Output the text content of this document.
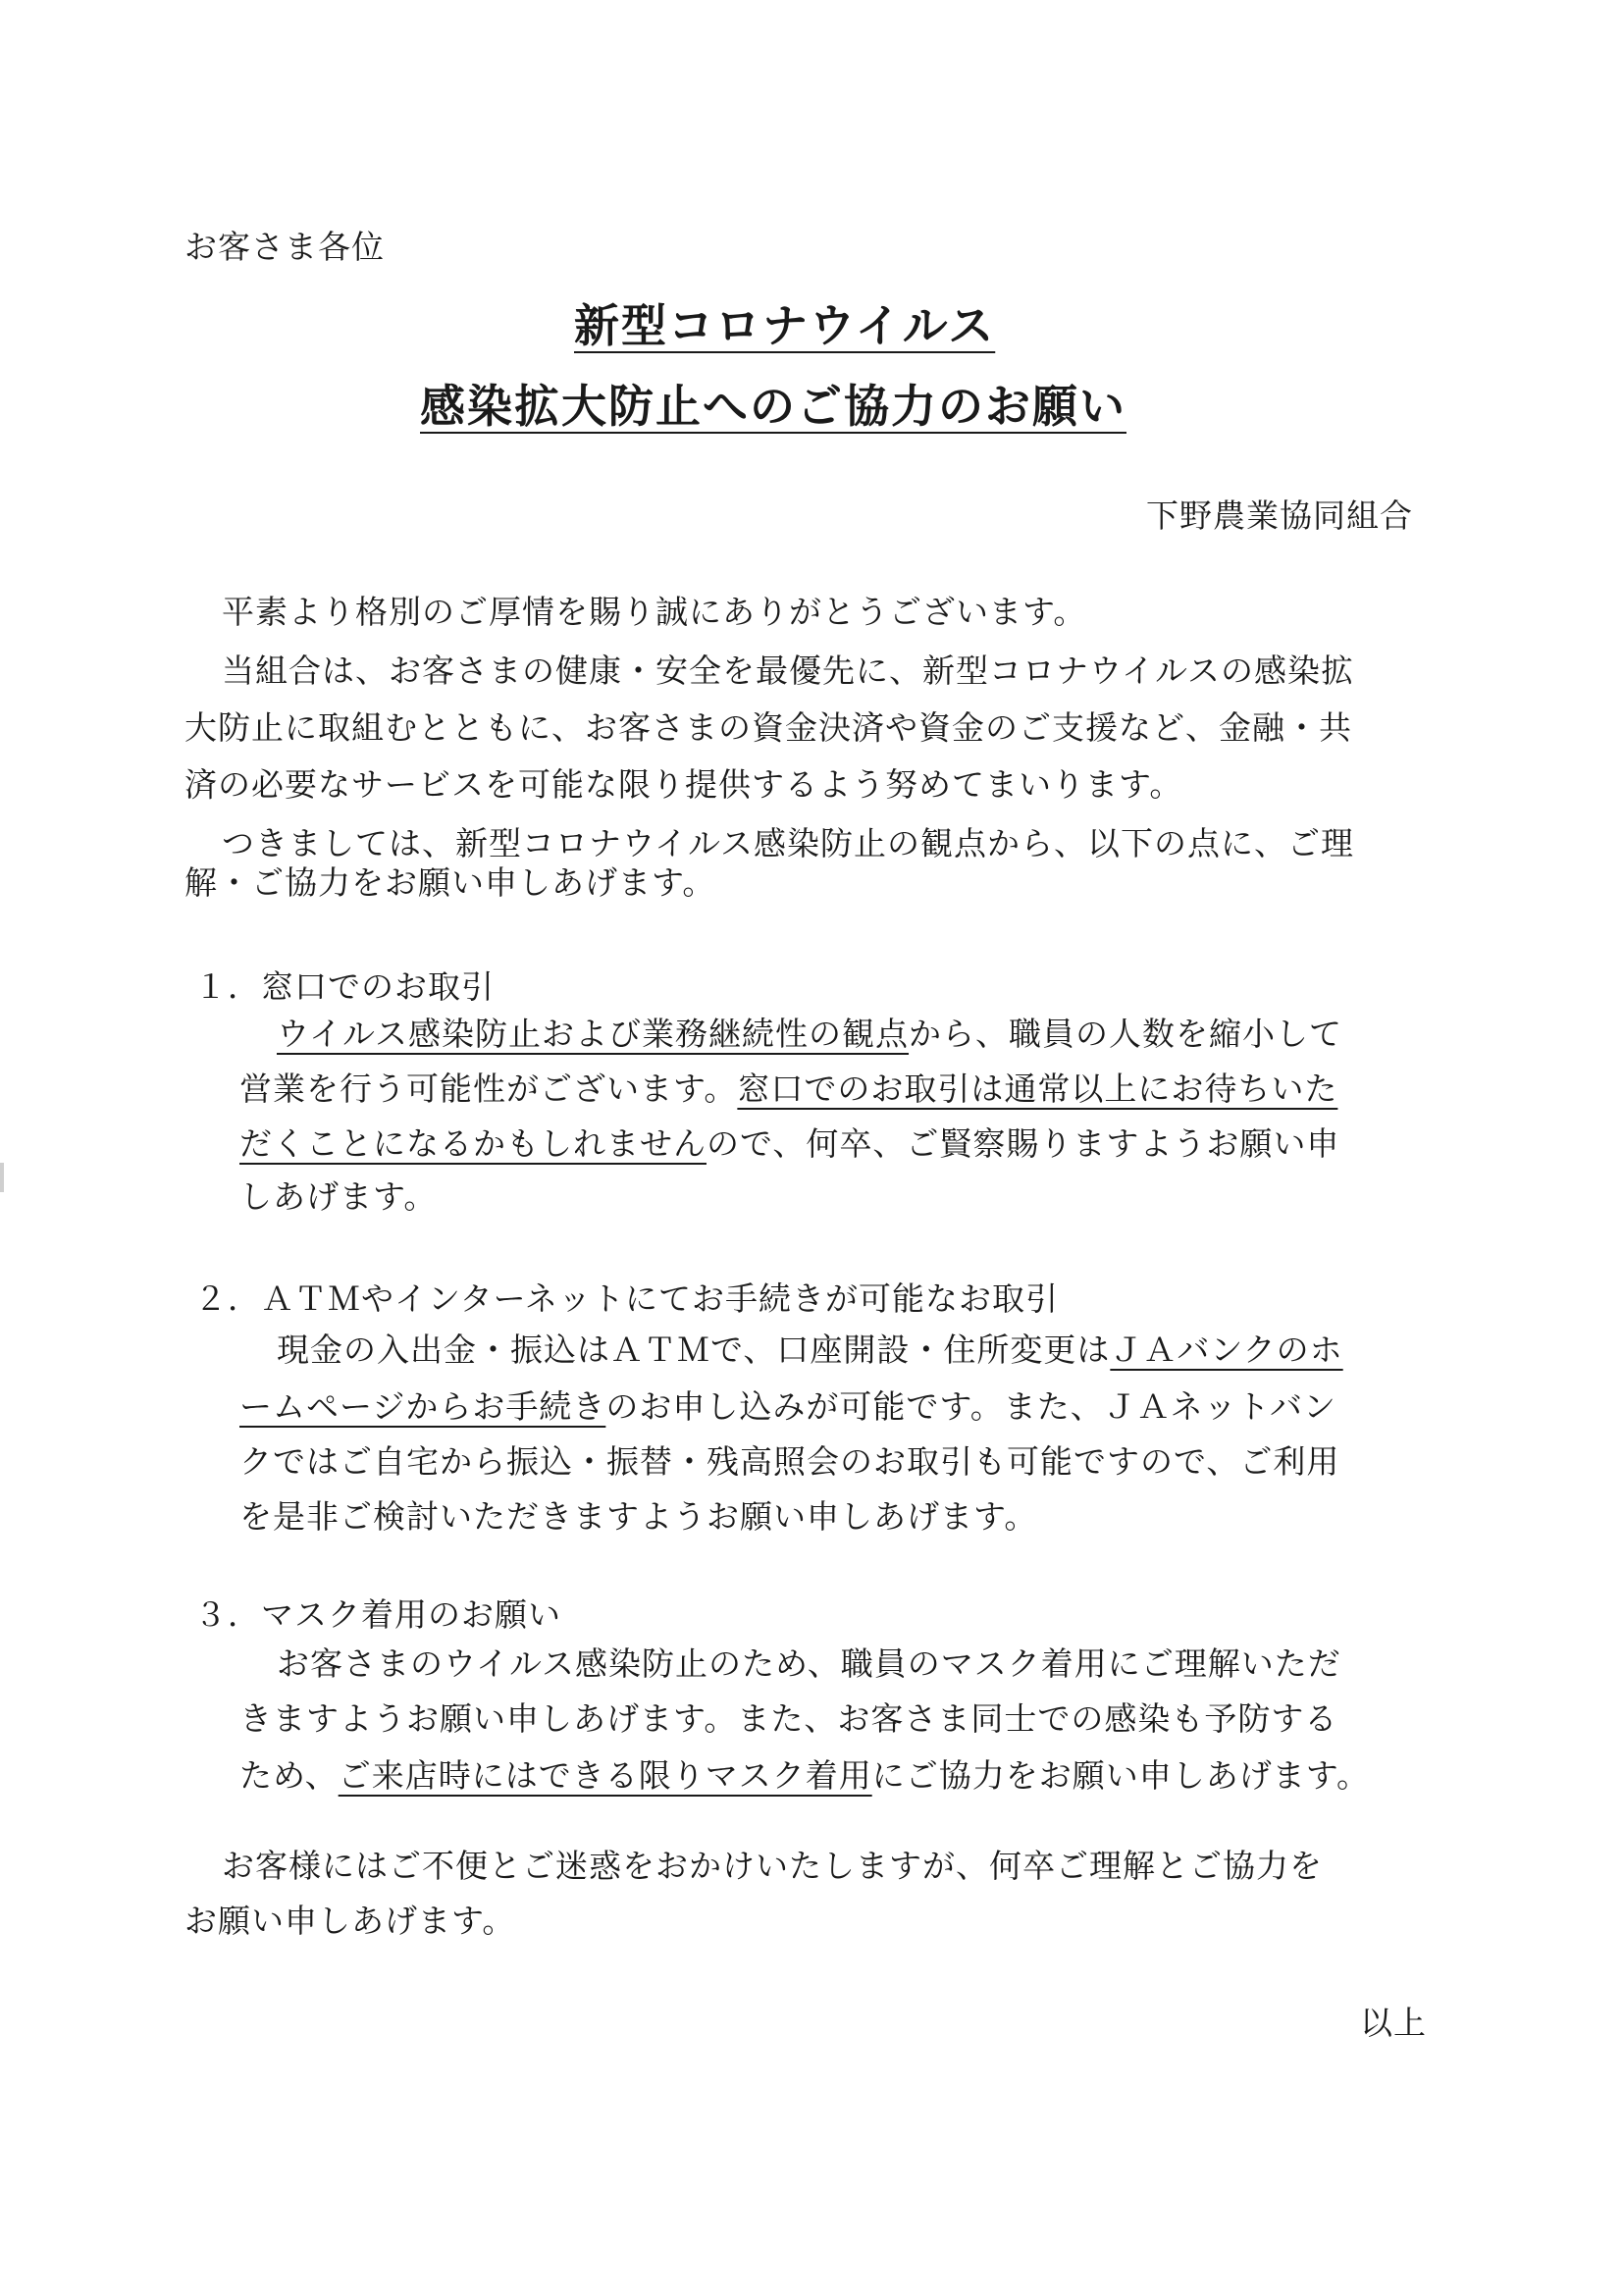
お客さま各位
新型コロナウイルス
感染拡大防止へのご協力のお願い
下野農業協同組合
平素より格別のご厚情を賜り誠にありがとうございます。
当組合は、お客さまの健康・安全を最優先に、新型コロナウイルスの感染拡
大防止に取組むとともに、お客さまの資金決済や資金のご支援など、金融・共
済の必要なサービスを可能な限り提供するよう努めてまいります。
つきましては、新型コロナウイルス感染防止の観点から、以下の点に、ご理
解・ご協力をお願い申しあげます。
１．窓口でのお取引
ウイルス感染防止および業務継続性の観点から、職員の人数を縮小して
営業を行う可能性がございます。窓口でのお取引は通常以上にお待ちいた
だくことになるかもしれませんので、何卒、ご賢察賜りますようお願い申
しあげます。
２．ＡＴＭやインターネットにてお手続きが可能なお取引
現金の入出金・振込はＡＴＭで、口座開設・住所変更はＪＡバンクのホ
ームページからお手続きのお申し込みが可能です。また、ＪＡネットバン
クではご自宅から振込・振替・残高照会のお取引も可能ですので、ご利用
を是非ご検討いただきますようお願い申しあげます。
３．マスク着用のお願い
お客さまのウイルス感染防止のため、職員のマスク着用にご理解いただ
きますようお願い申しあげます。また、お客さま同士での感染も予防する
ため、ご来店時にはできる限りマスク着用にご協力をお願い申しあげます。
お客様にはご不便とご迷惑をおかけいたしますが、何卒ご理解とご協力を
お願い申しあげます。
以上
